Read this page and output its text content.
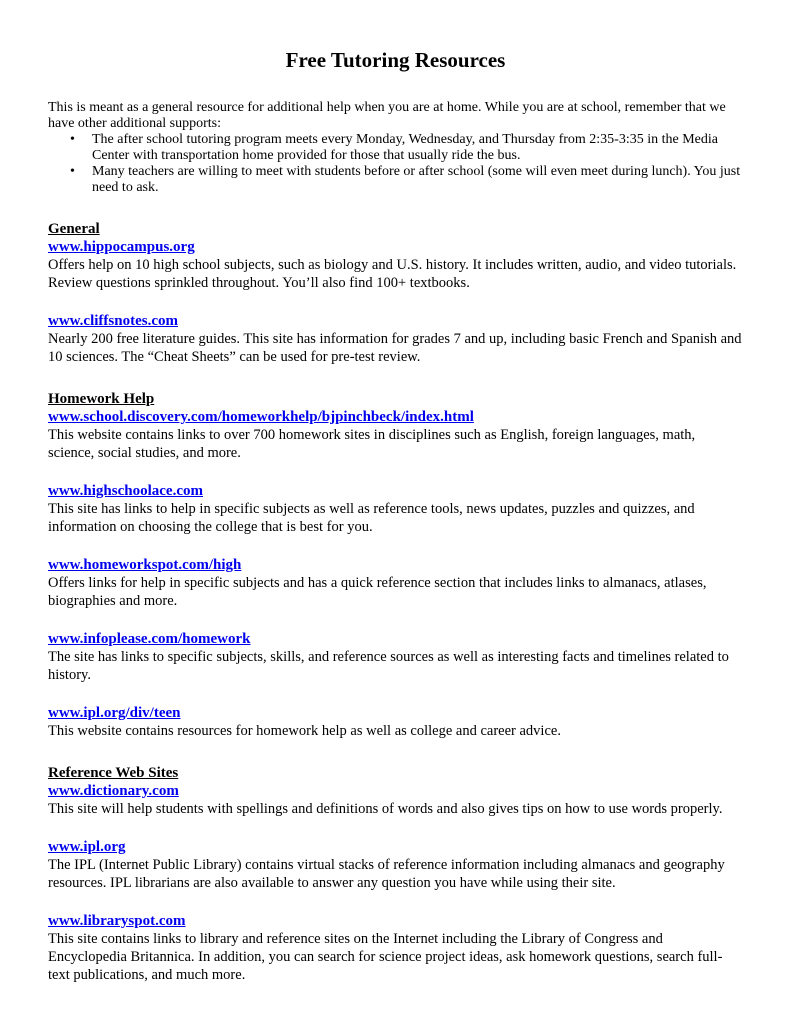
Free Tutoring Resources

This is meant as a general resource for additional help when you are at home. While you are at school, remember that we have other additional supports:

• The after school tutoring program meets every Monday, Wednesday, and Thursday from 2:35-3:35 in the Media Center with transportation home provided for those that usually ride the bus.
• Many teachers are willing to meet with students before or after school (some will even meet during lunch). You just need to ask.
General
www.hippocampus.org

Offers help on 10 high school subjects, such as biology and U.S. history. It includes written, audio, and video tutorials. Review questions sprinkled throughout. You’ll also find 100+ textbooks.

www.cliffsnotes.com

Nearly 200 free literature guides. This site has information for grades 7 and up, including basic French and Spanish and 10 sciences. The “Cheat Sheets” can be used for pre-test review.

Homework Help
www.school.discovery.com/homeworkhelp/bjpinchbeck/index.html

This website contains links to over 700 homework sites in disciplines such as English, foreign languages, math, science, social studies, and more.

www.highschoolace.com

This site has links to help in specific subjects as well as reference tools, news updates, puzzles and quizzes, and information on choosing the college that is best for you.

www.homeworkspot.com/high

Offers links for help in specific subjects and has a quick reference section that includes links to almanacs, atlases, biographies and more.

www.infoplease.com/homework

The site has links to specific subjects, skills, and reference sources as well as interesting facts and timelines related to history.

www.ipl.org/div/teen

This website contains resources for homework help as well as college and career advice.

Reference Web Sites
www.dictionary.com

This site will help students with spellings and definitions of words and also gives tips on how to use words properly.

www.ipl.org

The IPL (Internet Public Library) contains virtual stacks of reference information including almanacs and geography resources. IPL librarians are also available to answer any question you have while using their site.

www.libraryspot.com

This site contains links to library and reference sites on the Internet including the Library of Congress and Encyclopedia Britannica. In addition, you can search for science project ideas, ask homework questions, search full-text publications, and much more.
